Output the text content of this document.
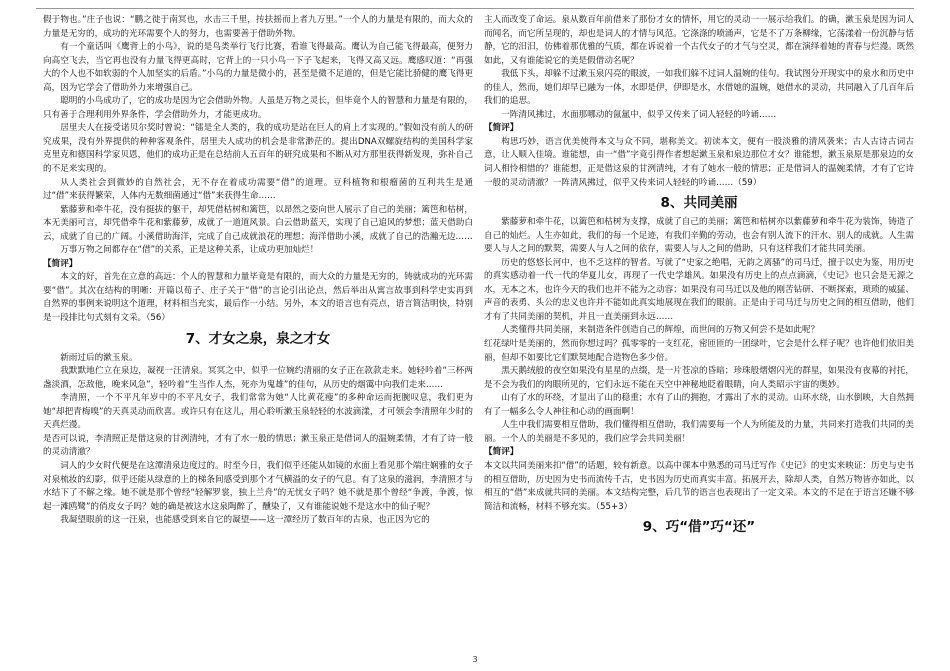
假于物也。”庄子也说：“鹏之徙于南冥也，水击三千里，抟扶摇而上者九万里。”一个人的力量是有限的，而大众的力量是无穷的，成功的光环需要个人的努力，也需要善于借助外物。

有一个童话叫《鹰背上的小鸟》，说的是鸟类举行飞行比赛，看谁飞得最高。鹰认为自己能飞得最高，便努力向高空飞去，当它再也没有力量飞得更高时，它背上的一只小鸟一下子飞起来，飞得又高又远。鹰感叹道：“再强大的个人也不如软弱的个人加坚实的后盾。”小鸟的力量是微小的，甚至是微不足道的，但是它能比骄健的鹰飞得更高，因为它学会了借助外力来增强自己。

聪明的小鸟成功了，它的成功是因为它会借助外物。人虽是万物之灵长，但毕竟个人的智慧和力量是有限的，只有善于合理利用外界条件，学会借助外力，才能更成功。

居里夫人在接受诺贝尔奖时曾说：“镭是全人类的，我的成功是站在巨人的肩上才实现的。”假如没有前人的研究成果，没有外界提供的种种客观条件，居里夫人成功的机会是非常渺茫的。提出DNA双螺旋结构的美国科学家克里克和德国科学家贝恩，他们的成功正是在总结前人五百年的研究成果和不断从对方那里获得新发现，弥补自己的不足来实现的。

从人类社会到微妙的自然社会，无不存在着成功需要“借”的道理。豆科植物和根瘤菌的互利共生是通过“借”来获得繁荣，人体内无数细菌通过“借”来获得生命……

紫藤萝和牵牛花，没有挺拔的躯干，却凭借枯树和篱笆，以昂然之姿向世人展示了自己的美丽；篱笆和枯树，本无美丽可言，却凭借牵牛花和紫藤萝，成就了一道道风景。白云借助蓝天，实现了自己追风的梦想；蓝天借助白云，成就了自己的广阔。小溪借助海洋，完成了自己成就浪花的理想；海洋借助小溪，成就了自己的浩瀚无边……

万事万物之间都存在“借”的关系，正是这种关系，让成功更加灿烂！

【简评】

本文的好，首先在立意的高远：个人的智慧和力量毕竟是有限的，而大众的力量是无穷的，铸就成功的光环需要“借”。其次在结构的明晰：开篇以荀子、庄子关于“借”的言论引出论点，然后举出从寓言故事到科学史实再到自然界的事例来说明这个道理，材料相当充实，最后作一小结。另外，本文的语言也有亮点，语言简洁明快，特别是一段排比句式刻有文采。（56）

7、才女之泉，泉之才女

新雨过后的漱玉泉。

我默默地伫立在泉边，凝视一汪清泉。冥冥之中，似乎一位婉约清丽的女子正在款款走来。她轻吟着“三杯两盏淡酒，怎敌他，晚来风急”，轻吟着“生当作人杰，死亦为鬼雄”的佳句，从历史的烟霭中向我们走来……

李清照，一个不平凡年岁中的不平凡女子，我们常常为她“人比黄花瘦”的多种命运而扼腕叹息，我们更为她“却把青梅嗅”的天真灵动而欣喜。或许只有在这儿，用心聆听漱玉泉轻轻的水波滴漾，才可领会李清照年少时的天真烂漫。

是否可以说，李清照正是借这泉的甘洌清纯，才有了水一般的情思；漱玉泉正是借词人的温婉柔情，才有了诗一般的灵动清澈？

词人的少女时代便是在这潭清泉边度过的。时至今日，我们似乎还能从如镜的水面上看见那个端庄娴雅的女子对泉梳妆的幻影，似乎还能从绿意的上的梯条间感受到那个才气横溢的女子的气息。有了这泉的滋润，李清照才与水结下了不解之缘。她不就是那个曾经“轻解罗裳，独上兰舟”的无忧女子吗？她不就是那个曾经“争渡，争渡，惊起一滩鸥鹭”的俏皮女子吗？她的确是被这水这泉陶醉了，醺染了，又有谁能说她不是这水中的仙子呢？

我凝望眼前的这一汪泉，也能感受到来自它的凝望——这一潭经历了数百年的古泉，也正因为它的

主人而改变了命运。泉从数百年前借来了那份才女的情怀，用它的灵动一一展示给我们。的确，漱玉泉是因为词人而闻名，而它所呈现的，却也是词人的才情与风范。它涤涤的喷涌声，它是不了万条柳缘，它荡漾着一份沉静与恬静，它的汨汨，仿佛着那优雅的气质，都在诉说着一个古代女子的才气与空灵，都在演绎着她的青春与烂漫。既然如此，又有谁能说它的美是假借动名呢？

我低下头，却躲不过漱玉泉闪亮的眼波，一如我们躲不过词人温婉的佳句。我试图分开现实中的泉水和历史中的佳人，然而，她们却早已融为一体，水即是伊，伊即是水，水借她的温婉，她借水的灵动，共同融入了几百年后我们的追思。

一阵清风拂过，水面那哪动的氤氲中，似乎又传来了词人轻轻的吟诵……

【简评】

构思巧妙，语言优美使得本文与众不同，堪称美文。初读本文，便有一股淡雅的清风袭来；古人古诗古词古意，让人顺入佳境。谁能想，由一“借”字竟引得作者想起漱玉泉和泉边那位才女？谁能想，漱玉泉原是那泉边的女词人相怜相惜的？谁能想，正是借这泉的甘洌清纯，才有了她水一般的情思；正是借词人的温婉柔情，才有了它诗一般的灵动清澈？一阵清风拂过，似乎又传来词人轻轻的吟诵……（59）

8、共同美丽

紫藤萝和牵牛花，以篱笆和枯树为支撑，成就了自己的美丽；篱笆和枯树亦以紫藤萝和牵牛花为装饰，铸造了自己的灿烂。人生亦如此，我们的每一个足迹，有我们辛勤的劳动，也会有别人流下的汗水、别人的成就。人生需要人与人之间的默契，需要人与人之间的依存，需要人与人之间的借助，只有这样我们才能共同美丽。

历史的悠悠长河中，也不乏这样的智者。写就了“史家之绝唱，无韵之离骚”的司马迁，擅于以史为鉴，用历史的真实感动着一代一代的华夏儿女，再现了一代史学雄风。如果没有历史上的点点滴滴，《史记》也只会是无源之水，无本之木，也许今天的我们也并不能为之动容；如果没有司马迁以及他的刚苦钻研、不断探索，琐琐的威猛、声音的表勇、头公的忠义也许并不能如此真实地展现在我们的眼前。正是由于司马迁与历史之间的相互借助，他们才有了共同美丽的契机，并且一直美丽到永远……

人类懂得共同美丽，来制造条件创造自己的辉煌，而世间的万物又何尝不是如此呢？

红花绿叶是美丽的，然而你想过吗？孤零零的一支红花，密匝匝的一团绿叶，它会是什么样子呢？也许他们依旧美丽，但却不如要比它们默契地配合造物色多少倍。

黑天鹅绒般的夜空如果没有星星的点缀，是一片苍凉的昏暗；珍珠般熠熠闪光的群星，如果没有夜幕的衬托，是不会为我们的肉眼所见的，它们永远不能在天空中神秘地眨着眼睛，向人类昭示宇宙的奥妙。

山有了水的环绕，才显出了山的稳重；水有了山的拥抱，才露出了水的灵动。山环水绕，山水倒映，大自然拥有了一幅多么令人神往和心动的画面啊！

人生中我们需要相互借助，我们懂得相互借助，我们需要每一个人为所能及的力量，共同来打造我们共同的美丽。一个人的美丽是不多见的，我们应学会共同美丽！

【简评】

本文以共同美丽来扣“借”的话题，较有新意。以高中课本中熟悉的司马迁写作《史记》的史实来映证：历史与史书的相互借助，历史因为史书而流传千古，史书因为历史而真实丰富。拓展开去，除却人类，自然万物皆亦如此，以相互的“借”来成就共同的美丽。本文结构完整，后几节的语言也表现出了一定文采。本文的不足在于语言还嫌不够简洁和流畅，材料不够充实。（55+3）

9、巧“借”巧“还”
3
